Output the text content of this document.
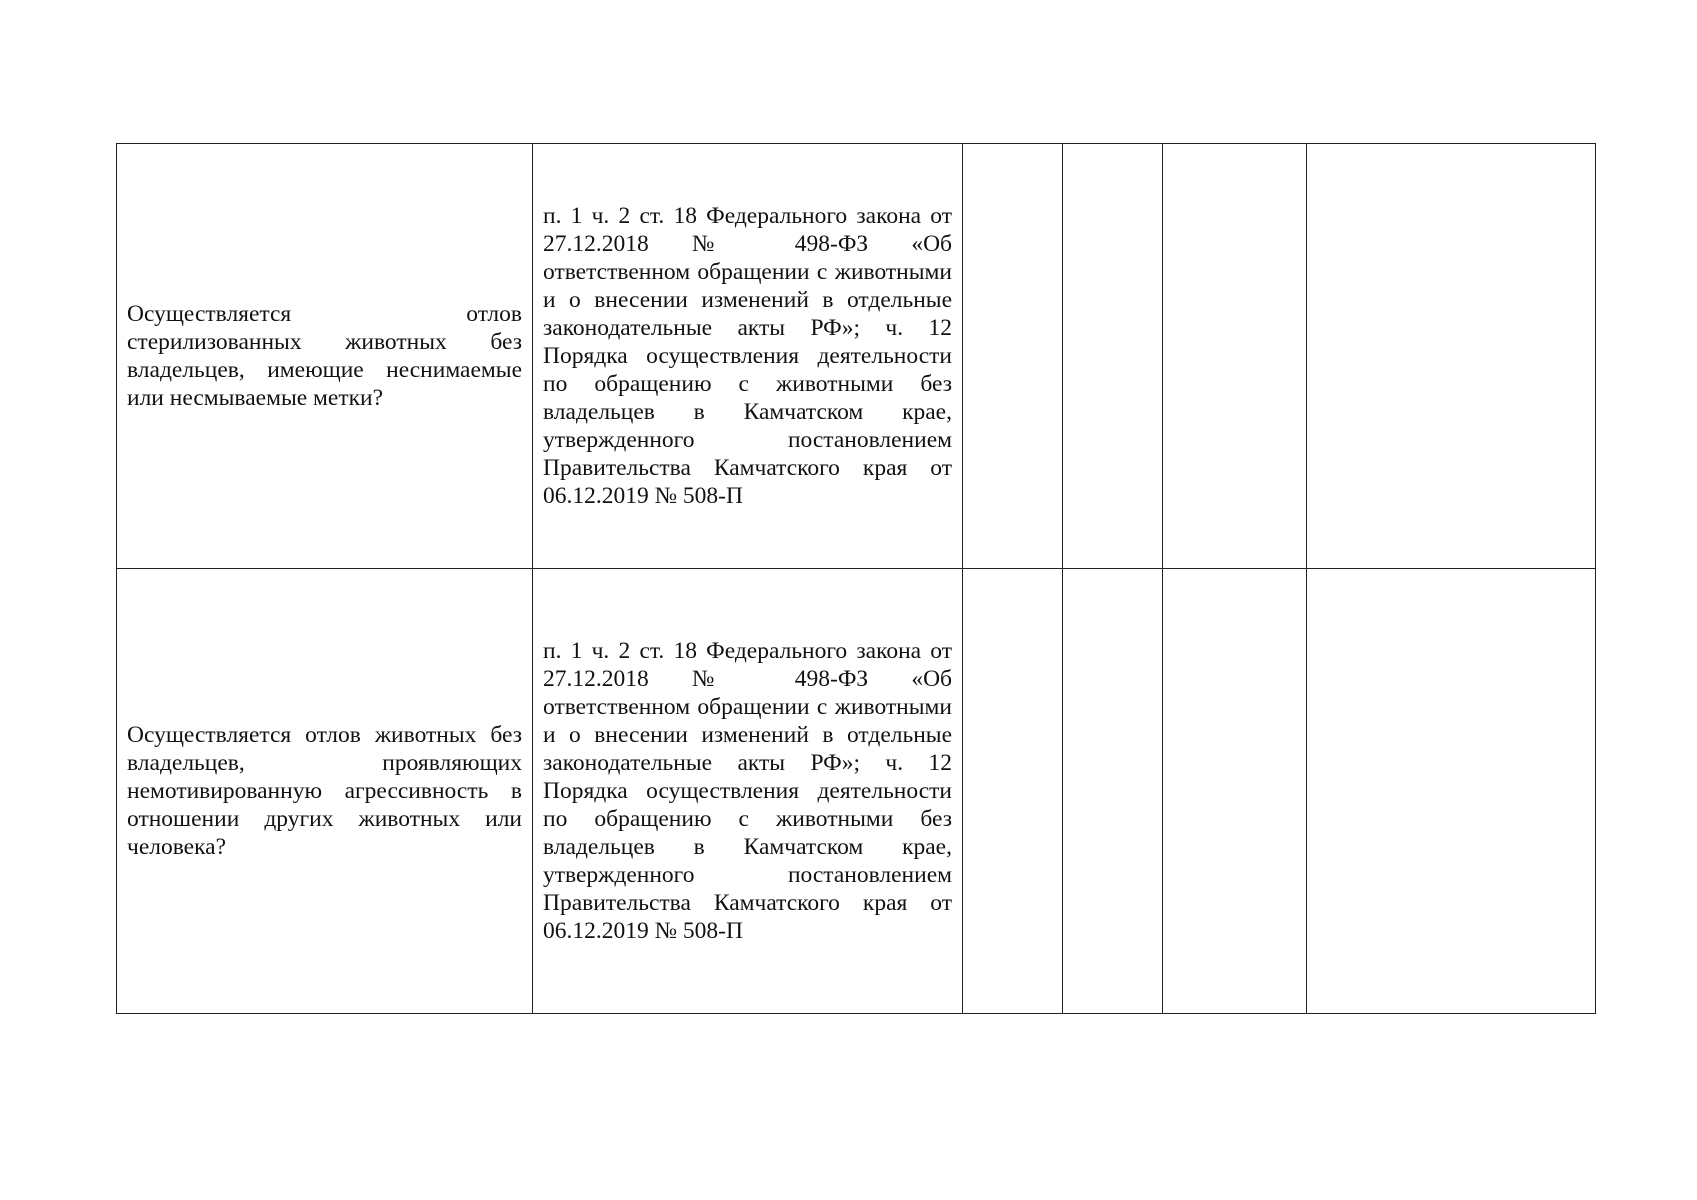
Осуществляется отлов стерилизованных животных без владельцев, имеющие неснимаемые или несмываемые метки?	п. 1 ч. 2 ст. 18 Федерального закона от 27.12.2018 № 498-ФЗ «Об ответственном обращении с животными и о внесении изменений в отдельные законодательные акты РФ»; ч. 12 Порядка осуществления деятельности по обращению с животными без владельцев в Камчатском крае, утвержденного постановлением Правительства Камчатского края от 06.12.2019 № 508-П				
Осуществляется отлов животных без владельцев, проявляющих немотивированную агрессивность в отношении других животных или человека?	п. 1 ч. 2 ст. 18 Федерального закона от 27.12.2018 № 498-ФЗ «Об ответственном обращении с животными и о внесении изменений в отдельные законодательные акты РФ»; ч. 12 Порядка осуществления деятельности по обращению с животными без владельцев в Камчатском крае, утвержденного постановлением Правительства Камчатского края от 06.12.2019 № 508-П				
